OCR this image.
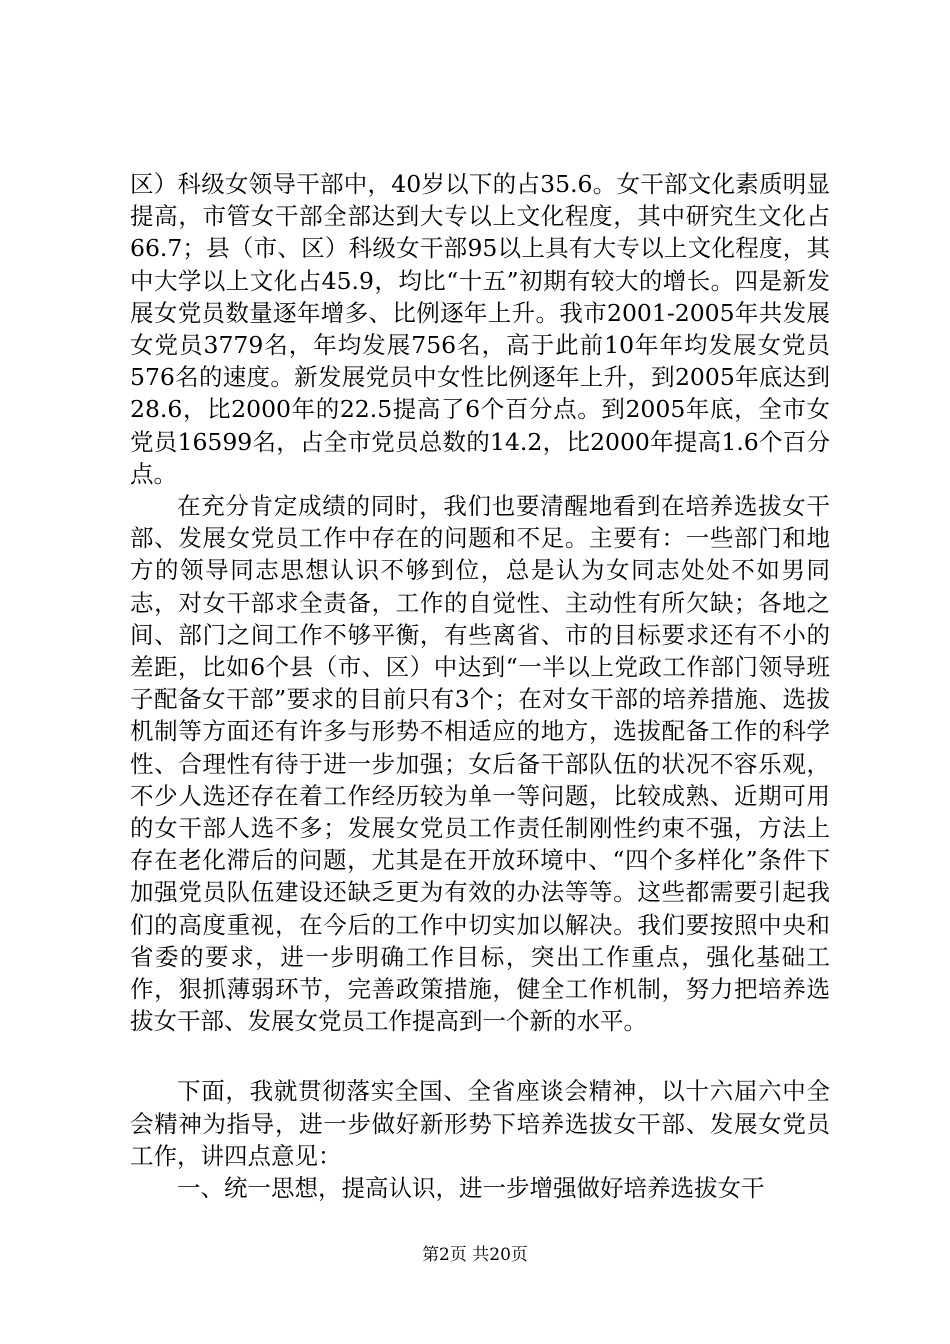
区）科级女领导干部中，40岁以下的占35.6。女干部文化素质明显提高，市管女干部全部达到大专以上文化程度，其中研究生文化占66.7；县（市、区）科级女干部95以上具有大专以上文化程度，其中大学以上文化占45.9，均比“十五”初期有较大的增长。四是新发展女党员数量逐年增多、比例逐年上升。我市2001-2005年共发展女党员3779名，年均发展756名，高于此前10年年均发展女党员576名的速度。新发展党员中女性比例逐年上升，到2005年底达到28.6，比2000年的22.5提高了6个百分点。到2005年底，全市女党员16599名，占全市党员总数的14.2，比2000年提高1.6个百分点。

在充分肯定成绩的同时，我们也要清醒地看到在培养选拔女干部、发展女党员工作中存在的问题和不足。主要有：一些部门和地方的领导同志思想认识不够到位，总是认为女同志处处不如男同志，对女干部求全责备，工作的自觉性、主动性有所欠缺；各地之间、部门之间工作不够平衡，有些离省、市的目标要求还有不小的差距，比如6个县（市、区）中达到“一半以上党政工作部门领导班子配备女干部”要求的目前只有3个；在对女干部的培养措施、选拔机制等方面还有许多与形势不相适应的地方，选拔配备工作的科学性、合理性有待于进一步加强；女后备干部队伍的状况不容乐观，不少人选还存在着工作经历较为单一等问题，比较成熟、近期可用的女干部人选不多；发展女党员工作责任制刚性约束不强，方法上存在老化滞后的问题，尤其是在开放环境中、“四个多样化”条件下加强党员队伍建设还缺乏更为有效的办法等等。这些都需要引起我们的高度重视，在今后的工作中切实加以解决。我们要按照中央和省委的要求，进一步明确工作目标，突出工作重点，强化基础工作，狠抓薄弱环节，完善政策措施，健全工作机制，努力把培养选拔女干部、发展女党员工作提高到一个新的水平。

下面，我就贯彻落实全国、全省座谈会精神，以十六届六中全会精神为指导，进一步做好新形势下培养选拔女干部、发展女党员工作，讲四点意见：

一、统一思想，提高认识，进一步增强做好培养选拔女干

第2页 共20页
